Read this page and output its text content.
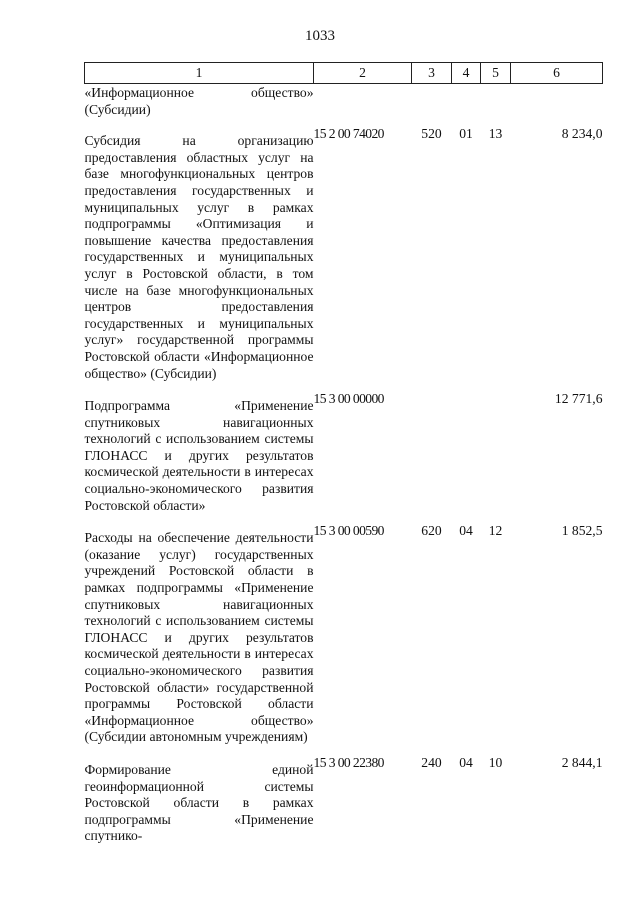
1033
1	2	3	4	5	6
«Информационное общество» (Субсидии)					
Субсидия на организацию предоставления областных услуг на базе многофункциональных центров предоставления государственных и муниципальных услуг в рамках подпрограммы «Оптимизация и повышение качества предоставления государственных и муниципальных услуг в Ростовской области, в том числе на базе многофункциональных центров предоставления государственных и муниципальных услуг» государственной программы Ростовской области «Информационное общество» (Субсидии)	15 2 00 74020	520	01	13	8 234,0
Подпрограмма «Применение спутниковых навигационных технологий с использованием системы ГЛОНАСС и других результатов космической деятельности в интересах социально-экономического развития Ростовской области»	15 3 00 00000				12 771,6
Расходы на обеспечение деятельности (оказание услуг) государственных учреждений Ростовской области в рамках подпрограммы «Применение спутниковых навигационных технологий с использованием системы ГЛОНАСС и других результатов космической деятельности в интересах социально-экономического развития Ростовской области» государственной программы Ростовской области «Информационное общество» (Субсидии автономным учреждениям)	15 3 00 00590	620	04	12	1 852,5
Формирование единой геоинформационной системы Ростовской области в рамках подпрограммы «Применение спутнико-	15 3 00 22380	240	04	10	2 844,1
